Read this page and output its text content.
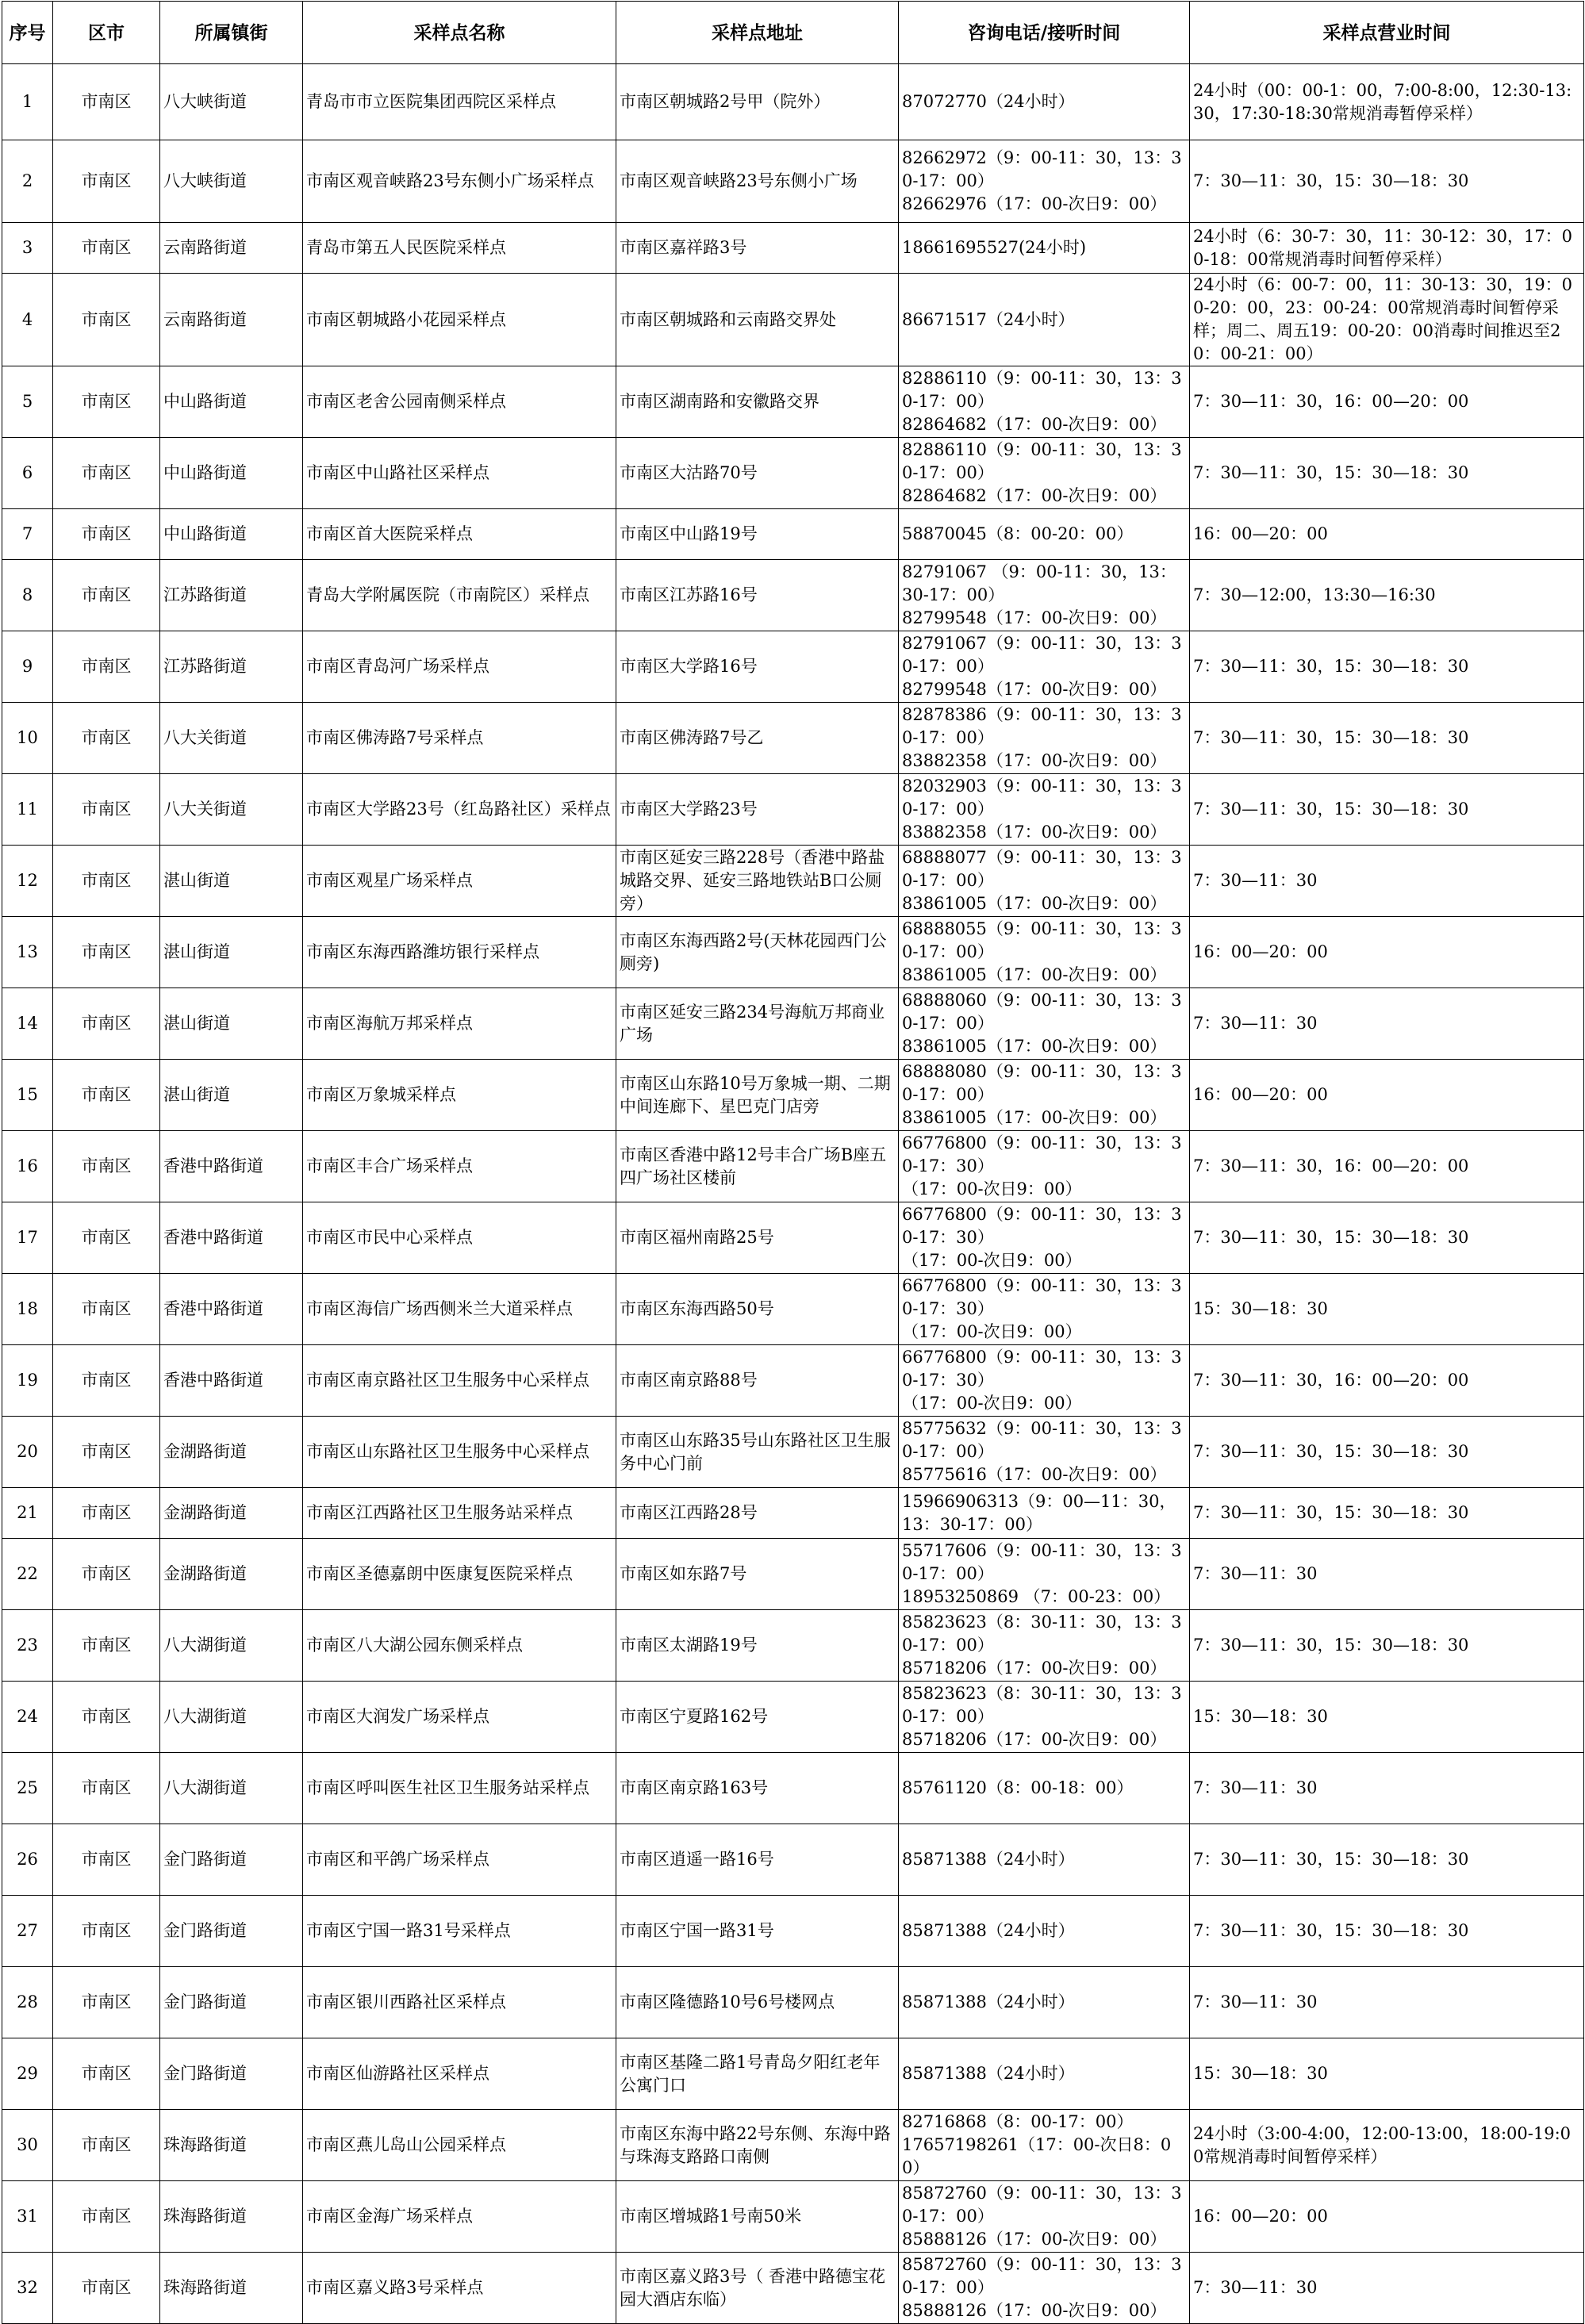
序号	区市	所属镇街	采样点名称	采样点地址	咨询电话/接听时间	采样点营业时间
1	市南区	八大峡街道	青岛市市立医院集团西院区采样点	市南区朝城路2号甲（院外）	87072770（24小时）	24小时（00：00-1：00，7:00-8:00，12:30-13:30，17:30-18:30常规消毒暂停采样）
2	市南区	八大峡街道	市南区观音峡路23号东侧小广场采样点	市南区观音峡路23号东侧小广场	82662972（9：00-11：30，13：30-17：00）
82662976（17：00-次日9：00）	7：30—11：30，15：30—18：30
3	市南区	云南路街道	青岛市第五人民医院采样点	市南区嘉祥路3号	18661695527(24小时)	24小时（6：30-7：30，11：30-12：30，17：00-18：00常规消毒时间暂停采样）
4	市南区	云南路街道	市南区朝城路小花园采样点	市南区朝城路和云南路交界处	86671517（24小时）	24小时（6：00-7：00，11：30-13：30，19：00-20：00，23：00-24：00常规消毒时间暂停采样；周二、周五19：00-20：00消毒时间推迟至20：00-21：00）
5	市南区	中山路街道	市南区老舍公园南侧采样点	市南区湖南路和安徽路交界	82886110（9：00-11：30，13：30-17：00）
82864682（17：00-次日9：00）	7：30—11：30，16：00—20：00
6	市南区	中山路街道	市南区中山路社区采样点	市南区大沽路70号	82886110（9：00-11：30，13：30-17：00）
82864682（17：00-次日9：00）	7：30—11：30，15：30—18：30
7	市南区	中山路街道	市南区首大医院采样点	市南区中山路19号	58870045（8：00-20：00）	16：00—20：00
8	市南区	江苏路街道	青岛大学附属医院（市南院区）采样点	市南区江苏路16号	82791067 （9：00-11：30，13：30-17：00）
82799548（17：00-次日9：00）	7：30—12:00，13:30—16:30
9	市南区	江苏路街道	市南区青岛河广场采样点	市南区大学路16号	82791067（9：00-11：30，13：30-17：00）
82799548（17：00-次日9：00）	7：30—11：30，15：30—18：30
10	市南区	八大关街道	市南区佛涛路7号采样点	市南区佛涛路7号乙	82878386（9：00-11：30，13：30-17：00）
83882358（17：00-次日9：00）	7：30—11：30，15：30—18：30
11	市南区	八大关街道	市南区大学路23号（红岛路社区）采样点	市南区大学路23号	82032903（9：00-11：30，13：30-17：00）
83882358（17：00-次日9：00）	7：30—11：30，15：30—18：30
12	市南区	湛山街道	市南区观星广场采样点	市南区延安三路228号（香港中路盐城路交界、延安三路地铁站B口公厕旁）	68888077（9：00-11：30，13：30-17：00）
83861005（17：00-次日9：00）	7：30—11：30
13	市南区	湛山街道	市南区东海西路潍坊银行采样点	市南区东海西路2号(天林花园西门公厕旁)	68888055（9：00-11：30，13：30-17：00）
83861005（17：00-次日9：00）	16：00—20：00
14	市南区	湛山街道	市南区海航万邦采样点	市南区延安三路234号海航万邦商业广场	68888060（9：00-11：30，13：30-17：00）
83861005（17：00-次日9：00）	7：30—11：30
15	市南区	湛山街道	市南区万象城采样点	市南区山东路10号万象城一期、二期中间连廊下、星巴克门店旁	68888080（9：00-11：30，13：30-17：00）
83861005（17：00-次日9：00）	16：00—20：00
16	市南区	香港中路街道	市南区丰合广场采样点	市南区香港中路12号丰合广场B座五四广场社区楼前	66776800（9：00-11：30，13：30-17：30）
（17：00-次日9：00）	7：30—11：30，16：00—20：00
17	市南区	香港中路街道	市南区市民中心采样点	市南区福州南路25号	66776800（9：00-11：30，13：30-17：30）
（17：00-次日9：00）	7：30—11：30，15：30—18：30
18	市南区	香港中路街道	市南区海信广场西侧米兰大道采样点	市南区东海西路50号	66776800（9：00-11：30，13：30-17：30）
（17：00-次日9：00）	15：30—18：30
19	市南区	香港中路街道	市南区南京路社区卫生服务中心采样点	市南区南京路88号	66776800（9：00-11：30，13：30-17：30）
（17：00-次日9：00）	7：30—11：30，16：00—20：00
20	市南区	金湖路街道	市南区山东路社区卫生服务中心采样点	市南区山东路35号山东路社区卫生服务中心门前	85775632（9：00-11：30，13：30-17：00）
85775616（17：00-次日9：00）	7：30—11：30，15：30—18：30
21	市南区	金湖路街道	市南区江西路社区卫生服务站采样点	市南区江西路28号	15966906313（9：00—11：30，13：30-17：00）	7：30—11：30，15：30—18：30
22	市南区	金湖路街道	市南区圣德嘉朗中医康复医院采样点	市南区如东路7号	55717606（9：00-11：30，13：30-17：00）
18953250869 （7：00-23：00）	7：30—11：30
23	市南区	八大湖街道	市南区八大湖公园东侧采样点	市南区太湖路19号	85823623（8：30-11：30，13：30-17：00）
85718206（17：00-次日9：00）	7：30—11：30，15：30—18：30
24	市南区	八大湖街道	市南区大润发广场采样点	市南区宁夏路162号	85823623（8：30-11：30，13：30-17：00）
85718206（17：00-次日9：00）	15：30—18：30
25	市南区	八大湖街道	市南区呼叫医生社区卫生服务站采样点	市南区南京路163号	85761120（8：00-18：00）	7：30—11：30
26	市南区	金门路街道	市南区和平鸽广场采样点	市南区逍遥一路16号	85871388（24小时）	7：30—11：30，15：30—18：30
27	市南区	金门路街道	市南区宁国一路31号采样点	市南区宁国一路31号	85871388（24小时）	7：30—11：30，15：30—18：30
28	市南区	金门路街道	市南区银川西路社区采样点	市南区隆德路10号6号楼网点	85871388（24小时）	7：30—11：30
29	市南区	金门路街道	市南区仙游路社区采样点	市南区基隆二路1号青岛夕阳红老年公寓门口	85871388（24小时）	15：30—18：30
30	市南区	珠海路街道	市南区燕儿岛山公园采样点	市南区东海中路22号东侧、东海中路与珠海支路路口南侧	82716868（8：00-17：00）
17657198261（17：00-次日8：00）	24小时（3:00-4:00，12:00-13:00，18:00-19:00常规消毒时间暂停采样）
31	市南区	珠海路街道	市南区金海广场采样点	市南区增城路1号南50米	85872760（9：00-11：30，13：30-17：00）
85888126（17：00-次日9：00）	16：00—20：00
32	市南区	珠海路街道	市南区嘉义路3号采样点	市南区嘉义路3号（ 香港中路德宝花园大酒店东临）	85872760（9：00-11：30，13：30-17：00）
85888126（17：00-次日9：00）	7：30—11：30
